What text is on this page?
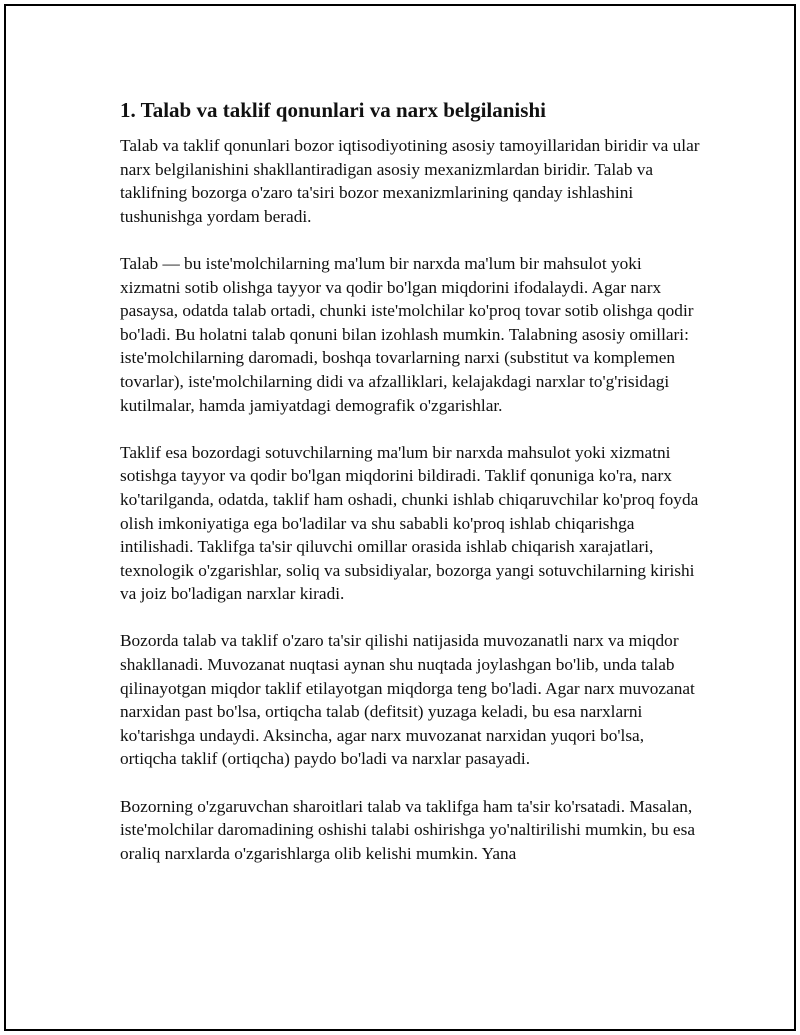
1. Talab va taklif qonunlari va narx belgilanishi

Talab va taklif qonunlari bozor iqtisodiyotining asosiy tamoyillaridan biridir va ular narx belgilanishini shakllantiradigan asosiy mexanizmlardan biridir. Talab va taklifning bozorga o'zaro ta'siri bozor mexanizmlarining qanday ishlashini tushunishga yordam beradi.

Talab — bu iste'molchilarning ma'lum bir narxda ma'lum bir mahsulot yoki xizmatni sotib olishga tayyor va qodir bo'lgan miqdorini ifodalaydi. Agar narx pasaysa, odatda talab ortadi, chunki iste'molchilar ko'proq tovar sotib olishga qodir bo'ladi. Bu holatni talab qonuni bilan izohlash mumkin. Talabning asosiy omillari: iste'molchilarning daromadi, boshqa tovarlarning narxi (substitut va komplemen tovarlar), iste'molchilarning didi va afzalliklari, kelajakdagi narxlar to'g'risidagi kutilmalar, hamda jamiyatdagi demografik o'zgarishlar.

Taklif esa bozordagi sotuvchilarning ma'lum bir narxda mahsulot yoki xizmatni sotishga tayyor va qodir bo'lgan miqdorini bildiradi. Taklif qonuniga ko'ra, narx ko'tarilganda, odatda, taklif ham oshadi, chunki ishlab chiqaruvchilar ko'proq foyda olish imkoniyatiga ega bo'ladilar va shu sababli ko'proq ishlab chiqarishga intilishadi. Taklifga ta'sir qiluvchi omillar orasida ishlab chiqarish xarajatlari, texnologik o'zgarishlar, soliq va subsidiyalar, bozorga yangi sotuvchilarning kirishi va joiz bo'ladigan narxlar kiradi.

Bozorda talab va taklif o'zaro ta'sir qilishi natijasida muvozanatli narx va miqdor shakllanadi. Muvozanat nuqtasi aynan shu nuqtada joylashgan bo'lib, unda talab qilinayotgan miqdor taklif etilayotgan miqdorga teng bo'ladi. Agar narx muvozanat narxidan past bo'lsa, ortiqcha talab (defitsit) yuzaga keladi, bu esa narxlarni ko'tarishga undaydi. Aksincha, agar narx muvozanat narxidan yuqori bo'lsa, ortiqcha taklif (ortiqcha) paydo bo'ladi va narxlar pasayadi.

Bozorning o'zgaruvchan sharoitlari talab va taklifga ham ta'sir ko'rsatadi. Masalan, iste'molchilar daromadining oshishi talabi oshirishga yo'naltirilishi mumkin, bu esa oraliq narxlarda o'zgarishlarga olib kelishi mumkin. Yana
